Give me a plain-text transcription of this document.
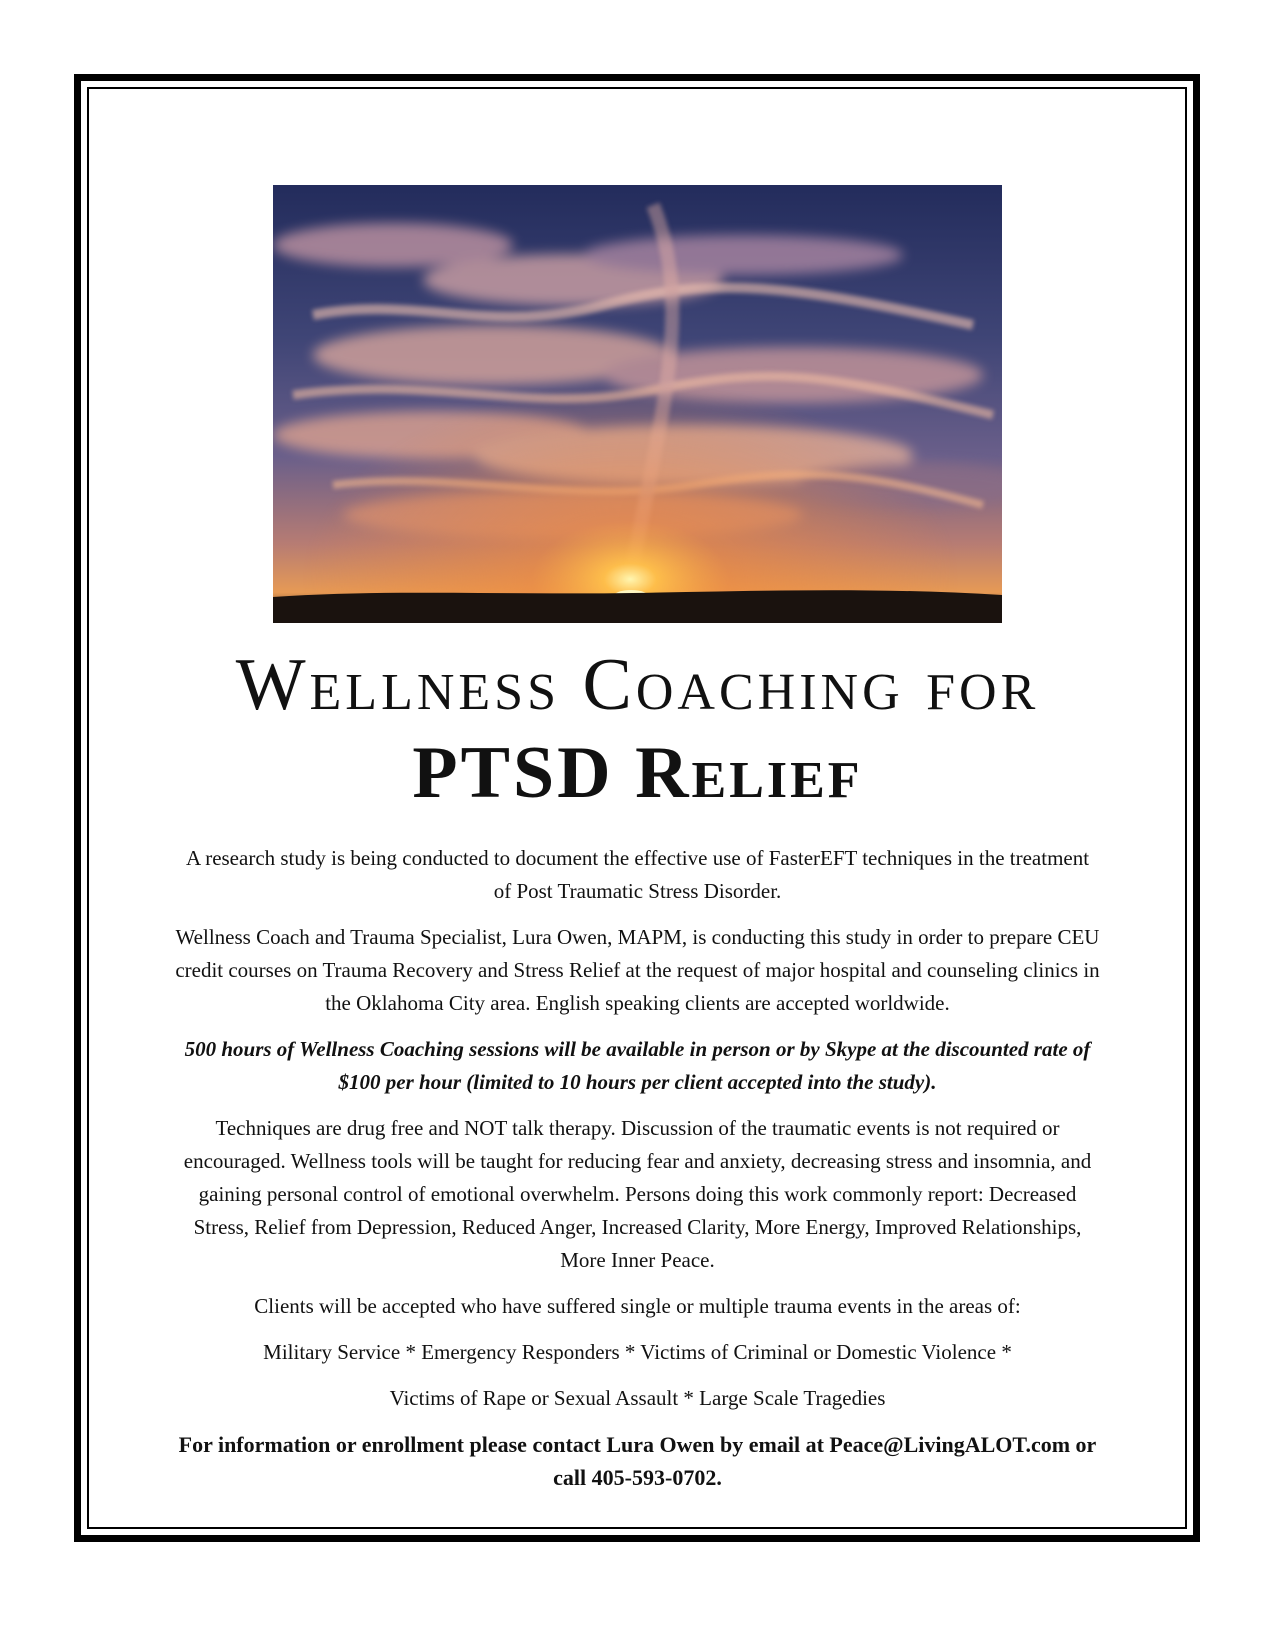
Wellness Coaching for
PTSD Relief

A research study is being conducted to document the effective use of FasterEFT techniques in the treatment of Post Traumatic Stress Disorder.

Wellness Coach and Trauma Specialist, Lura Owen, MAPM, is conducting this study in order to prepare CEU credit courses on Trauma Recovery and Stress Relief at the request of major hospital and counseling clinics in the Oklahoma City area. English speaking clients are accepted worldwide.

500 hours of Wellness Coaching sessions will be available in person or by Skype at the discounted rate of $100 per hour (limited to 10 hours per client accepted into the study).

Techniques are drug free and NOT talk therapy. Discussion of the traumatic events is not required or encouraged. Wellness tools will be taught for reducing fear and anxiety, decreasing stress and insomnia, and gaining personal control of emotional overwhelm. Persons doing this work commonly report: Decreased Stress, Relief from Depression, Reduced Anger, Increased Clarity, More Energy, Improved Relationships, More Inner Peace.

Clients will be accepted who have suffered single or multiple trauma events in the areas of:

Military Service * Emergency Responders * Victims of Criminal or Domestic Violence *

Victims of Rape or Sexual Assault * Large Scale Tragedies

For information or enrollment please contact Lura Owen by email at Peace@LivingALOT.com or call 405-593-0702.
